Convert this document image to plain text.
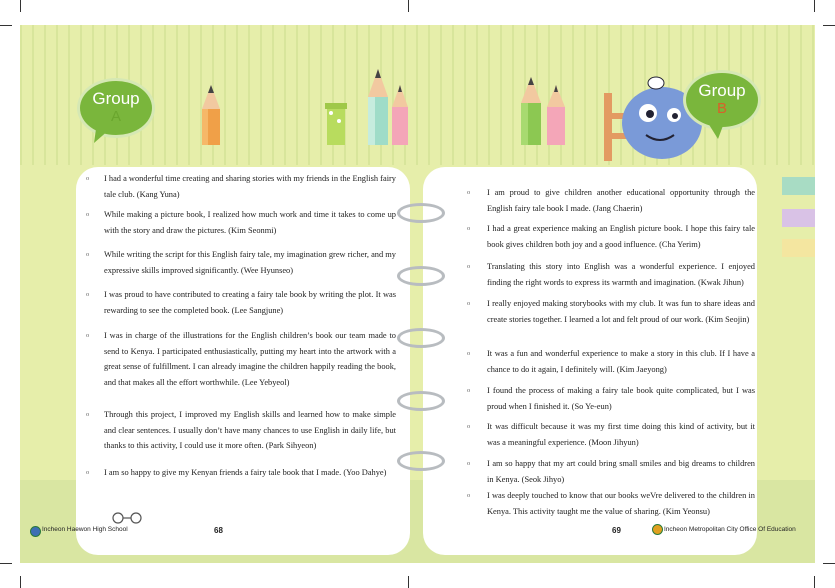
Group
A
Group
B
o I had a wonderful time creating and sharing stories with my friends in the English fairy tale club. (Kang Yuna)
o While making a picture book, I realized how much work and time it takes to come up with the story and draw the pictures. (Kim Seonmi)
o While writing the script for this English fairy tale, my imagination grew richer, and my expressive skills improved significantly. (Wee Hyunseo)
o I was proud to have contributed to creating a fairy tale book by writing the plot. It was rewarding to see the completed book. (Lee Sangjune)
o I was in charge of the illustrations for the English children’s book our team made to send to Kenya. I participated enthusiastically, putting my heart into the artwork with a great sense of fulfillment. I can already imagine the children happily reading the book, and that makes all the effort worthwhile. (Lee Yebyeol)
o Through this project, I improved my English skills and learned how to make simple and clear sentences. I usually don’t have many chances to use English in daily life, but thanks to this activity, I could use it more often. (Park Sihyeon)
o I am so happy to give my Kenyan friends a fairy tale book that I made. (Yoo Dahye)
o I am proud to give children another educational opportunity through the English fairy tale book I made. (Jang Chaerin)
o I had a great experience making an English picture book. I hope this fairy tale book gives children both joy and a good influence. (Cha Yerim)
o Translating this story into English was a wonderful experience. I enjoyed finding the right words to express its warmth and imagination. (Kwak Jihun)
o I really enjoyed making storybooks with my club. It was fun to share ideas and create stories together. I learned a lot and felt proud of our work. (Kim Seojin)
o It was a fun and wonderful experience to make a story in this club. If I have a chance to do it again, I definitely will. (Kim Jaeyong)
o I found the process of making a fairy tale book quite complicated, but I was proud when I finished it. (So Ye-eun)
o It was difficult because it was my first time doing this kind of activity, but it was a meaningful experience. (Moon Jihyun)
o I am so happy that my art could bring small smiles and big dreams to children in Kenya. (Seok Jihyo)
o I was deeply touched to know that our books weVre delivered to the children in Kenya. This activity taught me the value of sharing. (Kim Yeonsu)
Incheon Haewon High School	68	69	Incheon Metropolitan City Office Of Education
